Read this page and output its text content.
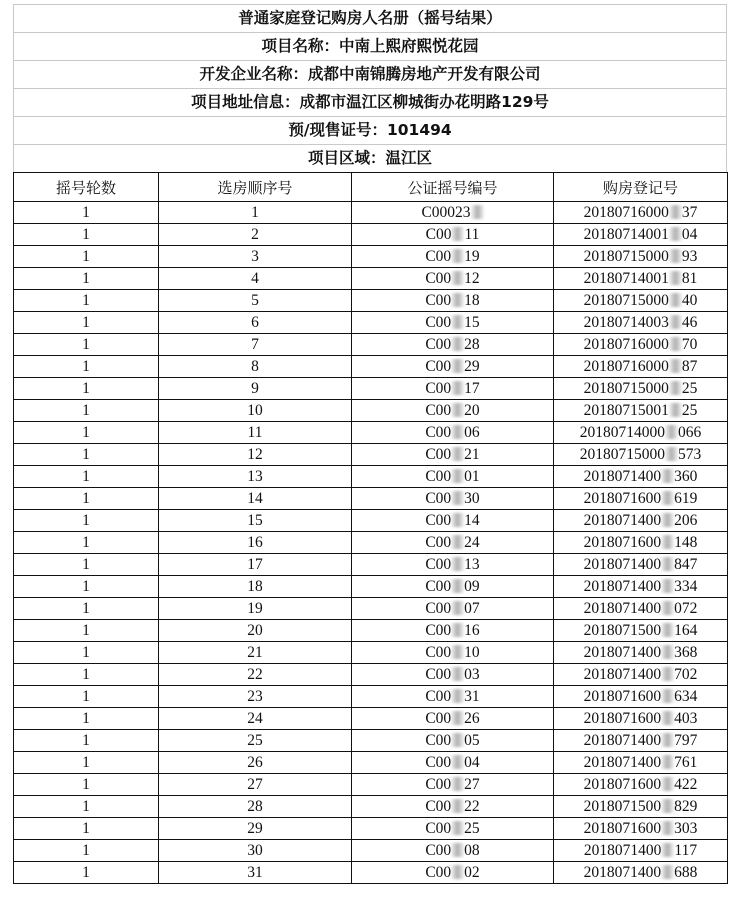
普通家庭登记购房人名册（摇号结果）
项目名称：中南上熙府熙悦花园
开发企业名称：成都中南锦腾房地产开发有限公司
项目地址信息：成都市温江区柳城街办花明路129号
预/现售证号：101494
项目区域：温江区
摇号轮数	选房顺序号	公证摇号编号	购房登记号
1	1	C00023	20180716000 37
1	2	C00 11	20180714001 04
1	3	C00 19	20180715000 93
1	4	C00 12	20180714001 81
1	5	C00 18	20180715000 40
1	6	C00 15	20180714003 46
1	7	C00 28	20180716000 70
1	8	C00 29	20180716000 87
1	9	C00 17	20180715000 25
1	10	C00 20	20180715001 25
1	11	C00 06	20180714000 066
1	12	C00 21	20180715000 573
1	13	C00 01	2018071400 360
1	14	C00 30	2018071600 619
1	15	C00 14	2018071400 206
1	16	C00 24	2018071600 148
1	17	C00 13	2018071400 847
1	18	C00 09	2018071400 334
1	19	C00 07	2018071400 072
1	20	C00 16	2018071500 164
1	21	C00 10	2018071400 368
1	22	C00 03	2018071400 702
1	23	C00 31	2018071600 634
1	24	C00 26	2018071600 403
1	25	C00 05	2018071400 797
1	26	C00 04	2018071400 761
1	27	C00 27	2018071600 422
1	28	C00 22	2018071500 829
1	29	C00 25	2018071600 303
1	30	C00 08	2018071400 117
1	31	C00 02	2018071400 688
